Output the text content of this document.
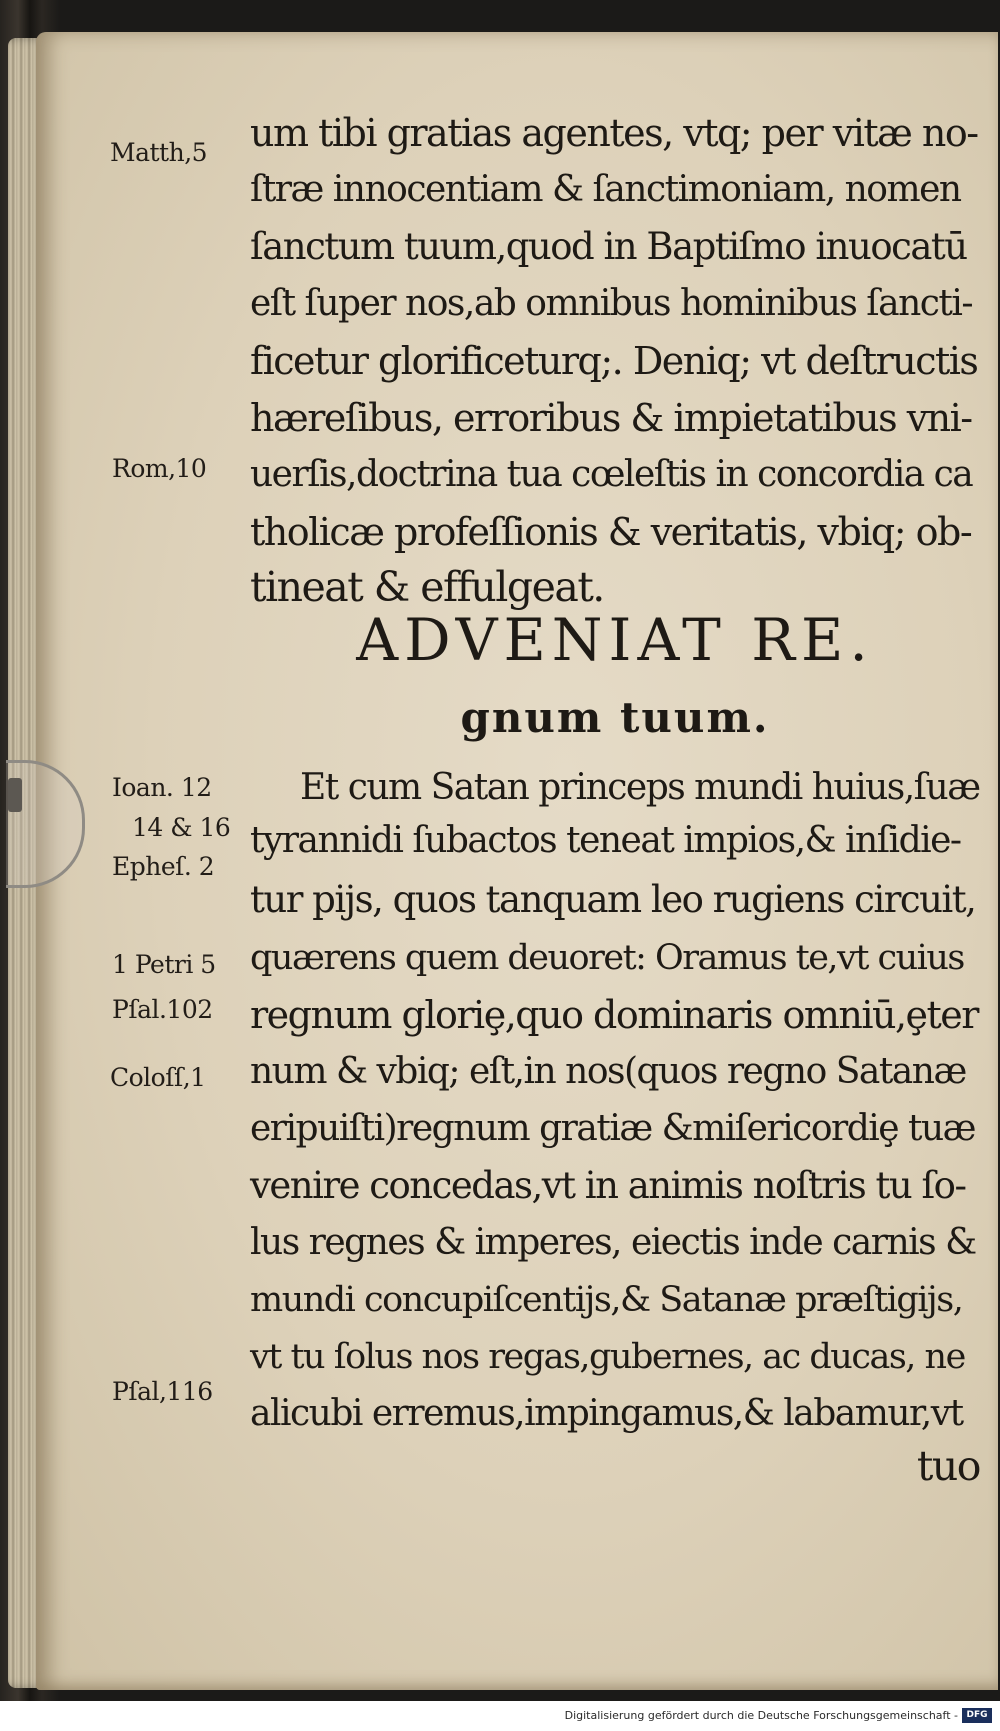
Matth,5
Rom,10
Ioan. 12
14 & 16
Epheſ. 2
1 Petri 5
Pſal.102
Coloſſ,1
Pſal,116
um tibi gratias agentes, vtq; per vitæ no-
ſtræ innocentiam & ſanctimoniam, nomen
ſanctum tuum,quod in Baptiſmo inuocatū
eſt ſuper nos,ab omnibus hominibus ſancti-
ficetur glorificeturq;. Deniq; vt deſtructis
hæreſibus, erroribus & impietatibus vni-
uerſis,doctrina tua cœleſtis in concordia ca
tholicæ profeſſionis & veritatis, vbiq; ob-
tineat & effulgeat.
ADVENIAT RE.
gnum tuum.
Et cum Satan princeps mundi huius,ſuæ
tyrannidi ſubactos teneat impios,& inſidie-
tur pijs, quos tanquam leo rugiens circuit,
quærens quem deuoret: Oramus te,vt cuius
regnum gloriȩ,quo dominaris omniū,ȩter
num & vbiq; eſt,in nos(quos regno Satanæ
eripuiſti)regnum gratiæ &miſericordiȩ tuæ
venire concedas,vt in animis noſtris tu ſo-
lus regnes & imperes, eiectis inde carnis &
mundi concupiſcentijs,& Satanæ præſtigijs,
vt tu ſolus nos regas,gubernes, ac ducas, ne
alicubi erremus,impingamus,& labamur,vt
tuo
Digitalisierung gefördert durch die Deutsche Forschungsgemeinschaft - DFG
